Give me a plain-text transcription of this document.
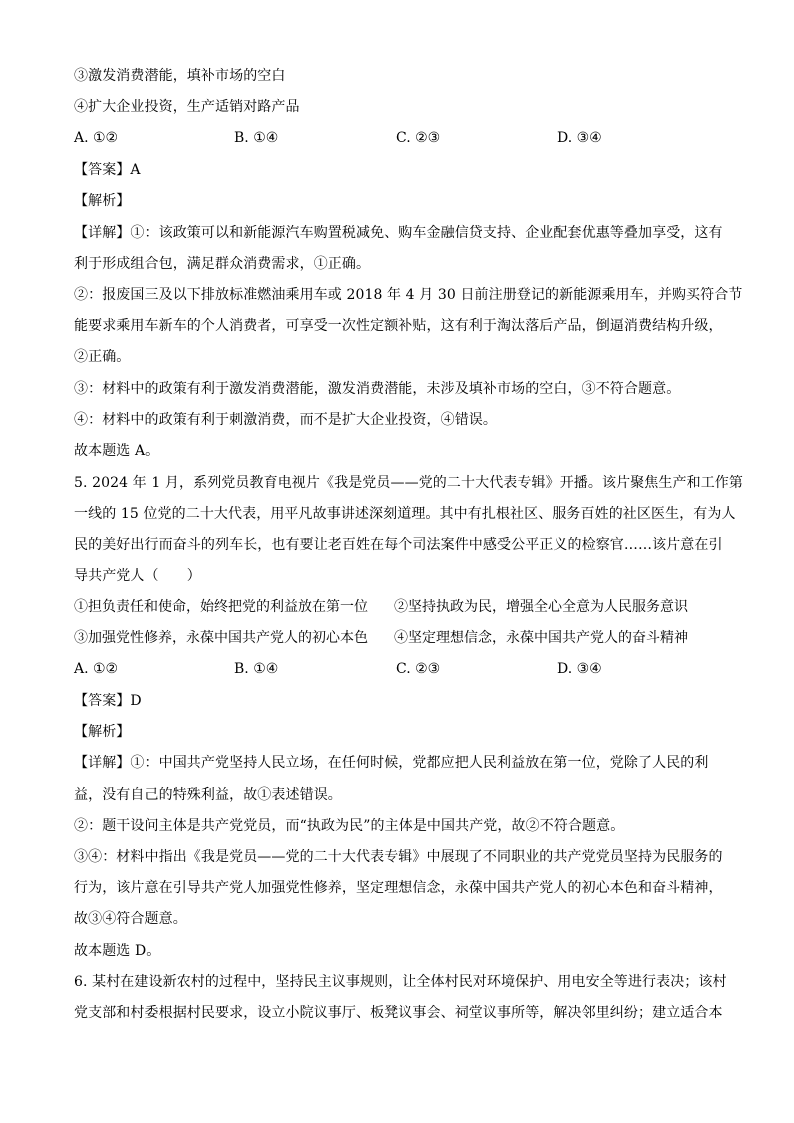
③激发消费潜能，填补市场的空白
④扩大企业投资，生产适销对路产品
A. ①②	B. ①④	C. ②③	D. ③④
【答案】A
【解析】
【详解】①：该政策可以和新能源汽车购置税减免、购车金融信贷支持、企业配套优惠等叠加享受，这有
利于形成组合包，满足群众消费需求，①正确。
②：报废国三及以下排放标准燃油乘用车或 2018 年 4 月 30 日前注册登记的新能源乘用车，并购买符合节
能要求乘用车新车的个人消费者，可享受一次性定额补贴，这有利于淘汰落后产品，倒逼消费结构升级，
②正确。
③：材料中的政策有利于激发消费潜能，激发消费潜能，未涉及填补市场的空白，③不符合题意。
④：材料中的政策有利于刺激消费，而不是扩大企业投资，④错误。
故本题选 A。
5. 2024 年 1 月，系列党员教育电视片《我是党员——党的二十大代表专辑》开播。该片聚焦生产和工作第
一线的 15 位党的二十大代表，用平凡故事讲述深刻道理。其中有扎根社区、服务百姓的社区医生，有为人
民的美好出行而奋斗的列车长，也有要让老百姓在每个司法案件中感受公平正义的检察官……该片意在引
导共产党人（　　）
①担负责任和使命，始终把党的利益放在第一位 ②坚持执政为民，增强全心全意为人民服务意识
③加强党性修养，永葆中国共产党人的初心本色 ④坚定理想信念，永葆中国共产党人的奋斗精神
A. ①②	B. ①④	C. ②③	D. ③④
【答案】D
【解析】
【详解】①：中国共产党坚持人民立场，在任何时候，党都应把人民利益放在第一位，党除了人民的利
益，没有自己的特殊利益，故①表述错误。
②：题干设问主体是共产党党员，而“执政为民”的主体是中国共产党，故②不符合题意。
③④：材料中指出《我是党员——党的二十大代表专辑》中展现了不同职业的共产党党员坚持为民服务的
行为，该片意在引导共产党人加强党性修养，坚定理想信念，永葆中国共产党人的初心本色和奋斗精神，
故③④符合题意。
故本题选 D。
6. 某村在建设新农村的过程中，坚持民主议事规则，让全体村民对环境保护、用电安全等进行表决；该村
党支部和村委根据村民要求，设立小院议事厅、板凳议事会、祠堂议事所等，解决邻里纠纷；建立适合本
